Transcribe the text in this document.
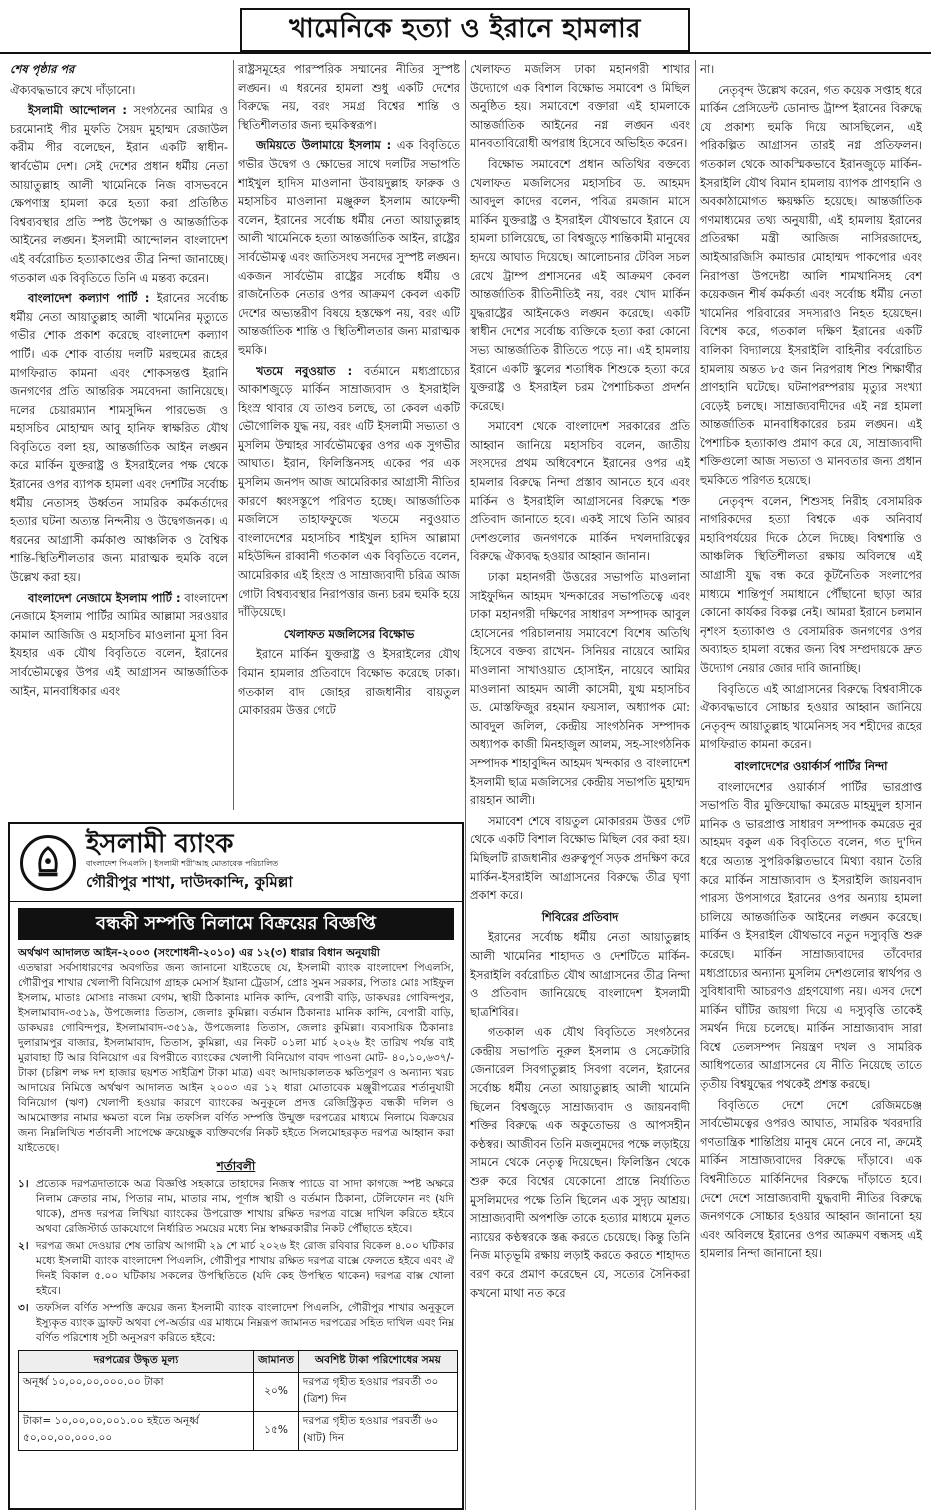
খামেনিকে হত্যা ও ইরানে হামলার

শেষ পৃষ্ঠার পর

ঐক্যবদ্ধভাবে রুখে দাঁড়ানো।

ইসলামী আন্দোলন : সংগঠনের আমির ও চরমোনাই পীর মুফতি সৈয়দ মুহাম্মদ রেজাউল করীম পীর বলেছেন, ইরান একটি স্বাধীন-স্বার্বভৌম দেশ। সেই দেশের প্রধান ধর্মীয় নেতা আয়াতুল্লাহ আলী খামেনিকে নিজ বাসভবনে ক্ষেপণাস্ত্র হামলা করে হত্যা করা প্রতিষ্ঠিত বিশ্বব্যবস্থার প্রতি স্পষ্ট উপেক্ষা ও আন্তর্জাতিক আইনের লঙ্ঘন। ইসলামী আন্দোলন বাংলাদেশ এই বর্বরোচিত হত্যাকাণ্ডের তীব্র নিন্দা জানাচ্ছে। গতকাল এক বিবৃতিতে তিনি এ মন্তব্য করেন।

বাংলাদেশ কল্যাণ পার্টি : ইরানের সর্বোচ্চ ধর্মীয় নেতা আয়াতুল্লাহ আলী খামেনির মৃত্যুতে গভীর শোক প্রকাশ করেছে বাংলাদেশ কল্যাণ পার্টি। এক শোক বার্তায় দলটি মরহুমের রূহের মাগফিরাত কামনা এবং শোকসন্তপ্ত ইরানি জনগণের প্রতি আন্তরিক সমবেদনা জানিয়েছে। দলের চেয়ারম্যান শামসুদ্দিন পারভেজ ও মহাসচিব মোহাম্মদ আবু হানিফ স্বাক্ষরিত যৌথ বিবৃতিতে বলা হয়, আন্তর্জাতিক আইন লঙ্ঘন করে মার্কিন যুক্তরাষ্ট্র ও ইসরাইলের পক্ষ থেকে ইরানের ওপর ব্যাপক হামলা এবং দেশটির সর্বোচ্চ ধর্মীয় নেতাসহ উর্ধ্বতন সামরিক কর্মকর্তাদের হত্যার ঘটনা অত্যন্ত নিন্দনীয় ও উদ্বেগজনক। এ ধরনের আগ্রাসী কর্মকাণ্ড আঞ্চলিক ও বৈশ্বিক শান্তি-স্থিতিশীলতার জন্য মারাত্মক হুমকি বলে উল্লেখ করা হয়।

বাংলাদেশ নেজামে ইসলাম পার্টি : বাংলাদেশ নেজামে ইসলাম পার্টির আমির আল্লামা সরওয়ার কামাল আজিজি ও মহাসচিব মাওলানা মুসা বিন ইযহার এক যৌথ বিবৃতিতে বলেন, ইরানের সার্বভৌমত্বের উপর এই আগ্রাসন আন্তর্জাতিক আইন, মানবাধিকার এবং

রাষ্ট্রসমূহের পারস্পরিক সম্মানের নীতির সুস্পষ্ট লঙ্ঘন। এ ধরনের হামলা শুধু একটি দেশের বিরুদ্ধে নয়, বরং সমগ্র বিশ্বের শান্তি ও স্থিতিশীলতার জন্য হুমকিস্বরূপ।

জমিয়তে উলামায়ে ইসলাম : এক বিবৃতিতে গভীর উদ্বেগ ও ক্ষোভের সাথে দলটির সভাপতি শাইখুল হাদিস মাওলানা উবায়দুল্লাহ ফারুক ও মহাসচিব মাওলানা মঞ্জুরুল ইসলাম আফেন্দী বলেন, ইরানের সর্বোচ্চ ধর্মীয় নেতা আয়াতুল্লাহ আলী খামেনিকে হত্যা আন্তর্জাতিক আইন, রাষ্ট্রের সার্বভৌমত্ব এবং জাতিসংঘ সনদের সুস্পষ্ট লঙ্ঘন। একজন সার্বভৌম রাষ্ট্রের সর্বোচ্চ ধর্মীয় ও রাজনৈতিক নেতার ওপর আক্রমণ কেবল একটি দেশের অভ্যন্তরীণ বিষয়ে হস্তক্ষেপ নয়, বরং এটি আন্তর্জাতিক শান্তি ও স্থিতিশীলতার জন্য মারাত্মক হুমকি।

খতমে নবুওয়াত : বর্তমানে মধ্যপ্রাচ্যের আকাশজুড়ে মার্কিন সাম্রাজ্যবাদ ও ইসরাইলি হিংস্র থাবার যে তাণ্ডব চলছে, তা কেবল একটি ভৌগোলিক যুদ্ধ নয়, বরং এটি ইসলামী সভ্যতা ও মুসলিম উম্মাহর সার্বভৌমত্বের ওপর এক সুগভীর আঘাত। ইরান, ফিলিস্তিনসহ একের পর এক মুসলিম জনপদ আজ আমেরিকার আগ্রাসী নীতির কারণে ধ্বংসস্তূপে পরিণত হচ্ছে। আন্তর্জাতিক মজলিসে তাহাফফুজে খতমে নবুওয়াত বাংলাদেশের মহাসচিব শাইখুল হাদিস আল্লামা মহিউদ্দিন রাব্বানী গতকাল এক বিবৃতিতে বলেন, আমেরিকার এই হিংস্র ও সাম্রাজ্যবাদী চরিত্র আজ গোটা বিশ্বব্যবস্থার নিরাপত্তার জন্য চরম হুমকি হয়ে দাঁড়িয়েছে।

খেলাফত মজলিসের বিক্ষোভ

ইরানে মার্কিন যুক্তরাষ্ট্র ও ইসরাইলের যৌথ বিমান হামলার প্রতিবাদে বিক্ষোভ করেছে ঢাকা। গতকাল বাদ জোহর রাজধানীর বায়তুল মোকাররম উত্তর গেটে

খেলাফত মজলিস ঢাকা মহানগরী শাখার উদ্যোগে এক বিশাল বিক্ষোভ সমাবেশ ও মিছিল অনুষ্ঠিত হয়। সমাবেশে বক্তারা এই হামলাকে আন্তর্জাতিক আইনের নগ্ন লঙ্ঘন এবং মানবতাবিরোধী অপরাধ হিসেবে অভিহিত করেন।

বিক্ষোভ সমাবেশে প্রধান অতিথির বক্তব্যে খেলাফত মজলিসের মহাসচিব ড. আহমদ আবদুল কাদের বলেন, পবিত্র রমজান মাসে মার্কিন যুক্তরাষ্ট্র ও ইসরাইল যৌথভাবে ইরানে যে হামলা চালিয়েছে, তা বিশ্বজুড়ে শান্তিকামী মানুষের হৃদয়ে আঘাত দিয়েছে। আলোচনার টেবিল সচল রেখে ট্রাম্প প্রশাসনের এই আক্রমণ কেবল আন্তর্জাতিক রীতিনীতিই নয়, বরং খোদ মার্কিন যুদ্ধরাষ্ট্রের আইনকেও লঙ্ঘন করেছে। একটি স্বাধীন দেশের সর্বোচ্চ ব্যক্তিকে হত্যা করা কোনো সভ্য আন্তর্জাতিক রীতিতে পড়ে না। এই হামলায় ইরানে একটি স্কুলের শতাধিক শিশুকে হত্যা করে যুক্তরাষ্ট্র ও ইসরাইল চরম পৈশাচিকতা প্রদর্শন করেছে।

সমাবেশ থেকে বাংলাদেশ সরকারের প্রতি আহ্বান জানিয়ে মহাসচিব বলেন, জাতীয় সংসদের প্রথম অধিবেশনে ইরানের ওপর এই হামলার বিরুদ্ধে নিন্দা প্রস্তাব আনতে হবে এবং মার্কিন ও ইসরাইলি আগ্রাসনের বিরুদ্ধে শক্ত প্রতিবাদ জানাতে হবে। একই সাথে তিনি আরব দেশগুলোর জনগণকে মার্কিন দখলদারিত্বের বিরুদ্ধে ঐক্যবদ্ধ হওয়ার আহ্বান জানান।

ঢাকা মহানগরী উত্তরের সভাপতি মাওলানা সাইফুদ্দিন আহমদ খন্দকারের সভাপতিত্বে এবং ঢাকা মহানগরী দক্ষিণের সাধারণ সম্পাদক আবুল হোসেনের পরিচালনায় সমাবেশে বিশেষ অতিথি হিসেবে বক্তব্য রাখেন- সিনিয়র নায়েবে আমির মাওলানা সাখাওয়াত হোসাইন, নায়েবে আমির মাওলানা আহমদ আলী কাসেমী, যুগ্ম মহাসচিব ড. মোস্তফিজুর রহমান ফয়সাল, অধ্যাপক মো: আবদুল জলিল, কেন্দ্রীয় সাংগঠনিক সম্পাদক অধ্যাপক কাজী মিনহাজুল আলম, সহ-সাংগঠনিক সম্পাদক শাহাবুদ্দিন আহমদ খন্দকার ও বাংলাদেশ ইসলামী ছাত্র মজলিসের কেন্দ্রীয় সভাপতি মুহাম্মদ রায়হান আলী।

সমাবেশ শেষে বায়তুল মোকাররম উত্তর গেট থেকে একটি বিশাল বিক্ষোভ মিছিল বের করা হয়। মিছিলটি রাজধানীর গুরুত্বপূর্ণ সড়ক প্রদক্ষিণ করে মার্কিন-ইসরাইলি আগ্রাসনের বিরুদ্ধে তীব্র ঘৃণা প্রকাশ করে।

শিবিরের প্রতিবাদ

ইরানের সর্বোচ্চ ধর্মীয় নেতা আয়াতুল্লাহ আলী খামেনির শাহাদত ও দেশটিতে মার্কিন-ইসরাইলি বর্বরোচিত যৌথ আগ্রাসনের তীব্র নিন্দা ও প্রতিবাদ জানিয়েছে বাংলাদেশ ইসলামী ছাত্রশিবির।

গতকাল এক যৌথ বিবৃতিতে সংগঠনের কেন্দ্রীয় সভাপতি নূরুল ইসলাম ও সেক্রেটারি জেনারেল সিবগাতুল্লাহ সিবগা বলেন, ইরানের সর্বোচ্চ ধর্মীয় নেতা আয়াতুল্লাহ আলী খামেনি ছিলেন বিশ্বজুড়ে সাম্রাজ্যবাদ ও জায়নবাদী শক্তির বিরুদ্ধে এক অকুতোভয় ও আপসহীন কণ্ঠস্বর। আজীবন তিনি মজলুমদের পক্ষে লড়াইয়ে সামনে থেকে নেতৃত্ব দিয়েছেন। ফিলিস্তিন থেকে শুরু করে বিশ্বের যেকোনো প্রান্তে নির্যাতিত মুসলিমদের পক্ষে তিনি ছিলেন এক সুদৃঢ় আশ্রয়। সাম্রাজ্যবাদী অপশক্তি তাকে হত্যার মাধ্যমে মূলত ন্যায়ের কণ্ঠস্বরকে স্তব্ধ করতে চেয়েছে। কিন্তু তিনি নিজ মাতৃভূমি রক্ষায় লড়াই করতে করতে শাহাদত বরণ করে প্রমাণ করেছেন যে, সত্যের সৈনিকরা কখনো মাথা নত করে

না।

নেতৃবৃন্দ উল্লেখ করেন, গত কয়েক সপ্তাহ ধরে মার্কিন প্রেসিডেন্ট ডোনাল্ড ট্রাম্প ইরানের বিরুদ্ধে যে প্রকাশ্য হুমকি দিয়ে আসছিলেন, এই পরিকল্পিত আগ্রাসন তারই নগ্ন প্রতিফলন। গতকাল থেকে আকস্মিকভাবে ইরানজুড়ে মার্কিন-ইসরাইলি যৌথ বিমান হামলায় ব্যাপক প্রাণহানি ও অবকাঠামোগত ক্ষয়ক্ষতি হয়েছে। আন্তর্জাতিক গণমাধ্যমের তথ্য অনুযায়ী, এই হামলায় ইরানের প্রতিরক্ষা মন্ত্রী আজিজ নাসিরজাদেহ, আইআরজিসি কমান্ডার মোহাম্মদ পাকপোর এবং নিরাপত্তা উপদেষ্টা আলি শামখানিসহ বেশ কয়েকজন শীর্ষ কর্মকর্তা এবং সর্বোচ্চ ধর্মীয় নেতা খামেনির পরিবারের সদস্যরাও নিহত হয়েছেন। বিশেষ করে, গতকাল দক্ষিণ ইরানের একটি বালিকা বিদ্যালয়ে ইসরাইলি বাহিনীর বর্বরোচিত হামলায় অন্তত ৮৫ জন নিরপরাধ শিশু শিক্ষার্থীর প্রাণহানি ঘটেছে। ঘটনাপরম্পরায় মৃত্যুর সংখ্যা বেড়েই চলছে। সাম্রাজ্যবাদীদের এই নগ্ন হামলা আন্তর্জাতিক মানবাধিকারের চরম লঙ্ঘন। এই পৈশাচিক হত্যাকাণ্ড প্রমাণ করে যে, সাম্রাজ্যবাদী শক্তিগুলো আজ সভ্যতা ও মানবতার জন্য প্রধান হুমকিতে পরিণত হয়েছে।

নেতৃবৃন্দ বলেন, শিশুসহ নিরীহ বেসামরিক নাগরিকদের হত্যা বিশ্বকে এক অনিবার্য মহাবিপর্যয়ের দিকে ঠেলে দিচ্ছে। বিশ্বশান্তি ও আঞ্চলিক স্থিতিশীলতা রক্ষায় অবিলম্বে এই আগ্রাসী যুদ্ধ বন্ধ করে কূটনৈতিক সংলাপের মাধ্যমে শান্তিপূর্ণ সমাধানে পৌঁছানো ছাড়া আর কোনো কার্যকর বিকল্প নেই। আমরা ইরানে চলমান নৃশংস হত্যাকাণ্ড ও বেসামরিক জনগণের ওপর অব্যাহত হামলা বন্ধের জন্য বিশ্ব সম্প্রদায়কে দ্রুত উদ্যোগ নেয়ার জোর দাবি জানাচ্ছি।

বিবৃতিতে এই আগ্রাসনের বিরুদ্ধে বিশ্ববাসীকে ঐক্যবদ্ধভাবে সোচ্চার হওয়ার আহ্বান জানিয়ে নেতৃবৃন্দ আয়াতুল্লাহ খামেনিসহ সব শহীদের রূহের মাগফিরাত কামনা করেন।

বাংলাদেশের ওয়ার্কার্স পার্টির নিন্দা

বাংলাদেশের ওয়ার্কার্স পার্টির ভারপ্রাপ্ত সভাপতি বীর মুক্তিযোদ্ধা কমরেড মাহমুদুল হাসান মানিক ও ভারপ্রাপ্ত সাধারণ সম্পাদক কমরেড নুর আহমদ বকুল এক বিবৃতিতে বলেন, গত দু'দিন ধরে অত্যন্ত সুপরিকল্পিতভাবে মিথ্যা বয়ান তৈরি করে মার্কিন সাম্রাজ্যবাদ ও ইসরাইলি জায়নবাদ পারস্য উপসাগরে ইরানের ওপর অন্যায় হামলা চালিয়ে আন্তর্জাতিক আইনের লঙ্ঘন করেছে। মার্কিন ও ইসরাইল যৌথভাবে নতুন দস্যুবৃত্তি শুরু করেছে। মার্কিন সাম্রাজ্যবাদের তাঁবেদার মধ্যপ্রাচ্যের অন্যান্য মুসলিম দেশগুলোর স্বার্থপর ও সুবিধাবাদী আচরণও গ্রহণযোগ্য নয়। এসব দেশে মার্কিন ঘাঁটির জায়গা দিয়ে এ দস্যুবৃত্তি তাকেই সমর্থন দিয়ে চলেছে। মার্কিন সাম্রাজ্যবাদ সারা বিশ্বে তেলসম্পদ নিয়ন্ত্রণ দখল ও সামরিক আধিপত্যের আগ্রাসনের যে নীতি নিয়েছে তাতে তৃতীয় বিশ্বযুদ্ধের পথকেই প্রশস্ত করছে।

বিবৃতিতে দেশে দেশে রেজিমচেঞ্জ সার্বভৌমত্বের ওপরও আঘাত, সামরিক খবরদারি গণতান্ত্রিক শান্তিপ্রিয় মানুষ মেনে নেবে না, ক্রমেই মার্কিন সাম্রাজ্যবাদের বিরুদ্ধে দাঁড়াবে। এক বিশ্বনীতিতে মার্কিনিদের বিরুদ্ধে দাঁড়াতে হবে। দেশে দেশে সাম্রাজ্যবাদী যুদ্ধবাদী নীতির বিরুদ্ধে জনগণকে সোচ্চার হওয়ার আহ্বান জানানো হয় এবং অবিলম্বে ইরানের ওপর আক্রমণ বন্ধসহ এই হামলার নিন্দা জানানো হয়।

ইসলামী ব্যাংক
বাংলাদেশ পিএলসি | ইসলামী শরী'আহ মোতাবেক পরিচালিত
গৌরীপুর শাখা, দাউদকান্দি, কুমিল্লা
বন্ধকী সম্পত্তি নিলামে বিক্রয়ের বিজ্ঞপ্তি

অর্থঋণ আদালত আইন-২০০৩ (সংশোধনী-২০১০) এর ১২(৩) ধারার বিধান অনুযায়ী

এতদ্বারা সর্বসাধারণের অবগতির জন্য জানানো যাইতেছে যে, ইসলামী ব্যাংক বাংলাদেশ পিএলসি, গৌরীপুর শাখার খেলাপী বিনিয়োগ গ্রাহক মেসার্স ইয়ানা ট্রেডার্স, প্রোঃ সুমন সরকার, পিতাঃ মোঃ সাইফুল ইসলাম, মাতাঃ মোসাঃ নাজমা বেগম, স্থায়ী ঠিকানাঃ মানিক কান্দি, বেপারী বাড়ি, ডাকঘরঃ গোবিন্দপুর, ইসলামাবাদ-৩৫১৯, উপজেলাঃ তিতাস, জেলাঃ কুমিল্লা। বর্তমান ঠিকানাঃ মানিক কান্দি, বেপারী বাড়ি, ডাকঘরঃ গোবিন্দপুর, ইসলামাবাদ-৩৫১৯, উপজেলাঃ তিতাস, জেলাঃ কুমিল্লা। ব্যবসায়িক ঠিকানাঃ দুলারামপুর বাজার, ইসলামাবাদ, তিতাস, কুমিল্লা, এর নিকট ০১লা মার্চ ২০২৬ ইং তারিখ পর্যন্ত বাই মুরাবাহা টি আর বিনিয়োগ এর বিপরীতে ব্যাংকের খেলাপী বিনিয়োগ বাবদ পাওনা মোট- ৪০,১০,৬৩৭/- টাকা (চল্লিশ লক্ষ দশ হাজার ছয়শত সাইত্রিশ টাকা মাত্র) এবং আদায়কালতক ক্ষতিপূরণ ও অন্যান্য খরচ আদায়ের নিমিত্তে অর্থঋণ আদালত আইন ২০০৩ এর ১২ ধারা মোতাবেক মঞ্জুরীপত্রের শর্তানুযায়ী বিনিয়োগ (ঋণ) খেলাপী হওয়ার কারণে ব্যাংকের অনুকূলে প্রদত্ত রেজিস্ট্রিকৃত বন্ধকী দলিল ও আমমোক্তার নামার ক্ষমতা বলে নিম্ন তফসিল বর্ণিত সম্পত্তি উন্মুক্ত দরপত্রের মাধ্যমে নিলামে বিক্রয়ের জন্য নিম্নলিখিত শর্তাবলী সাপেক্ষে ক্রয়েচ্ছুক ব্যক্তিবর্গের নিকট হইতে সিলমোহরকৃত দরপত্র আহ্বান করা যাইতেছে।

শর্তাবলী

১। প্রত্যেক দরপত্রদাতাকে অত্র বিজ্ঞপ্তি সহকারে তাহাদের নিজস্ব প্যাডে বা সাদা কাগজে স্পষ্ট অক্ষরে নিলাম ক্রেতার নাম, পিতার নাম, মাতার নাম, পূর্ণাঙ্গ স্থায়ী ও বর্তমান ঠিকানা, টেলিফোন নং (যদি থাকে), প্রদত্ত দরপত্র লিখিয়া ব্যাংকের উপরোক্ত শাখায় রক্ষিত দরপত্র বাক্সে দাখিল করিতে হইবে অথবা রেজিস্টার্ড ডাকযোগে নির্ধারিত সময়ের মধ্যে নিম্ন স্বাক্ষরকারীর নিকট পৌঁছাতে হইবে।
২। দরপত্র জমা দেওয়ার শেষ তারিখ আগামী ২৯ শে মার্চ ২০২৬ ইং রোজ রবিবার বিকেল ৪.০০ ঘটিকার মধ্যে ইসলামী ব্যাংক বাংলাদেশ পিএলসি, গৌরীপুর শাখায় রক্ষিত দরপত্র বাক্সে ফেলতে হইবে এবং ঐ দিনই বিকাল ৫.০০ ঘটিকায় সকলের উপস্থিতিতে (যদি কেহ উপস্থিত থাকেন) দরপত্র বাক্স খোলা হইবে।
৩। তফসিল বর্ণিত সম্পত্তি ক্রয়ের জন্য ইসলামী ব্যাংক বাংলাদেশ পিএলসি, গৌরীপুর শাখার অনুকূলে ইস্যুকৃত ব্যাংক ড্রাফট অথবা পে-অর্ডার এর মাধ্যমে নিম্নরূপ জামানত দরপত্রের সহিত দাখিল এবং নিম্ন বর্ণিত পরিশোধ সূচী অনুসরণ করিতে হইবে:
দরপত্রের উদ্ধৃত মূল্য	জামানত	অবশিষ্ট টাকা পরিশোধের সময়
অনূর্ধ্ব ১০,০০,০০,০০০.০০ টাকা	২০%	দরপত্র গৃহীত হওয়ার পরবর্তী ৩০ (ত্রিশ) দিন
টাকা= ১০,০০,০০,০০১.০০ হইতে অনূর্ধ্ব ৫০,০০,০০,০০০.০০	১৫%	দরপত্র গৃহীত হওয়ার পরবর্তী ৬০ (ষাট) দিন
